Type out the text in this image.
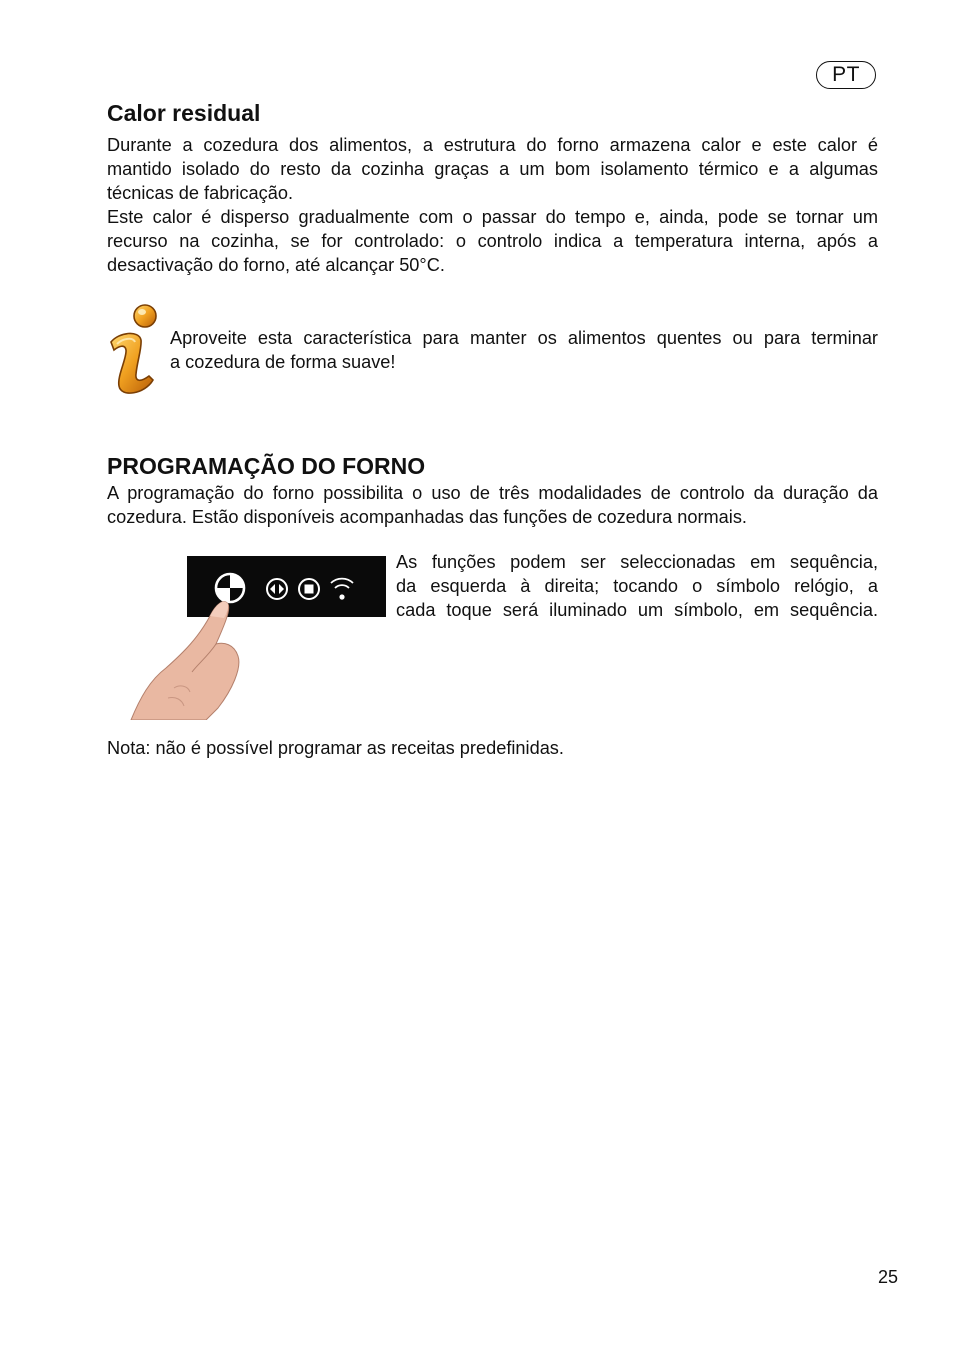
PT
Calor residual

Durante a cozedura dos alimentos, a estrutura do forno armazena calor e este calor é
mantido isolado do resto da cozinha graças a um bom isolamento térmico e a algumas
técnicas de fabricação.
Este calor é disperso gradualmente com o passar do tempo e, ainda, pode se tornar um
recurso na cozinha, se for controlado: o controlo indica a temperatura interna, após a
desactivação do forno, até alcançar 50°C.

Aproveite esta característica para manter os alimentos quentes ou para terminar
a cozedura de forma suave!

PROGRAMAÇÃO DO FORNO

A programação do forno possibilita o uso de três modalidades de controlo da duração da
cozedura. Estão disponíveis acompanhadas das funções de cozedura normais.

As funções podem ser seleccionadas em sequência,
da esquerda à direita; tocando o símbolo relógio, a
cada toque será iluminado um símbolo, em sequência.

Nota: não é possível programar as receitas predefinidas.

25
